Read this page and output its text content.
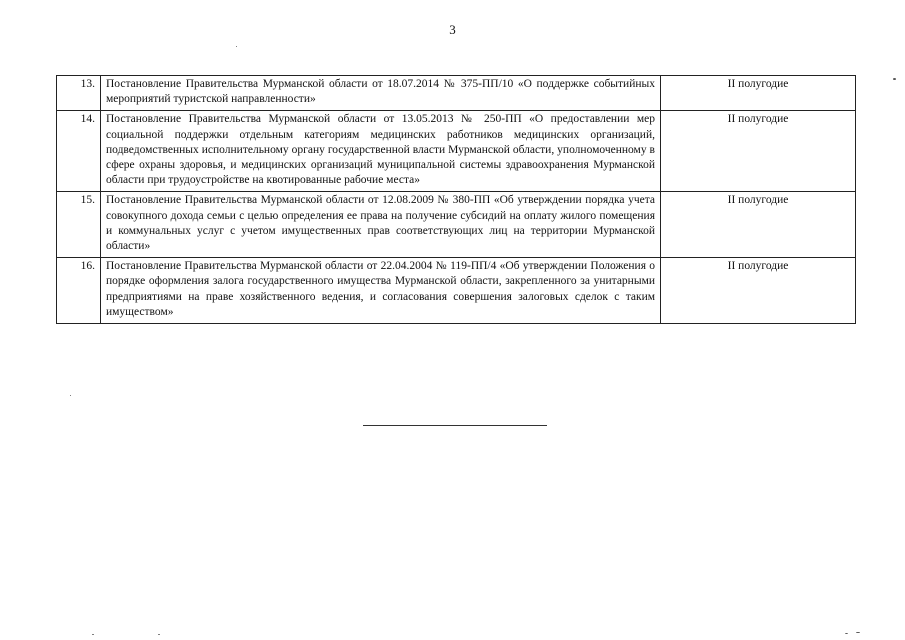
3
13.	Постановление Правительства Мурманской области от 18.07.2014 № 375-ПП/10 «О поддержке событийных мероприятий туристской направленности»	II полугодие
14.	Постановление Правительства Мурманской области от 13.05.2013 № 250-ПП «О предоставлении мер социальной поддержки отдельным категориям медицинских работников медицинских организаций, подведомственных исполнительному органу государственной власти Мурманской области, уполномоченному в сфере охраны здоровья, и медицинских организаций муниципальной системы здравоохранения Мурманской области при трудоустройстве на квотированные рабочие места»	II полугодие
15.	Постановление Правительства Мурманской области от 12.08.2009 № 380-ПП «Об утверждении порядка учета совокупного дохода семьи с целью определения ее права на получение субсидий на оплату жилого помещения и коммунальных услуг с учетом имущественных прав соответствующих лиц на территории Мурманской области»	II полугодие
16.	Постановление Правительства Мурманской области от 22.04.2004 № 119-ПП/4 «Об утверждении Положения о порядке оформления залога государственного имущества Мурманской области, закрепленного за унитарными предприятиями на праве хозяйственного ведения, и согласования совершения залоговых сделок с таким имуществом»	II полугодие
